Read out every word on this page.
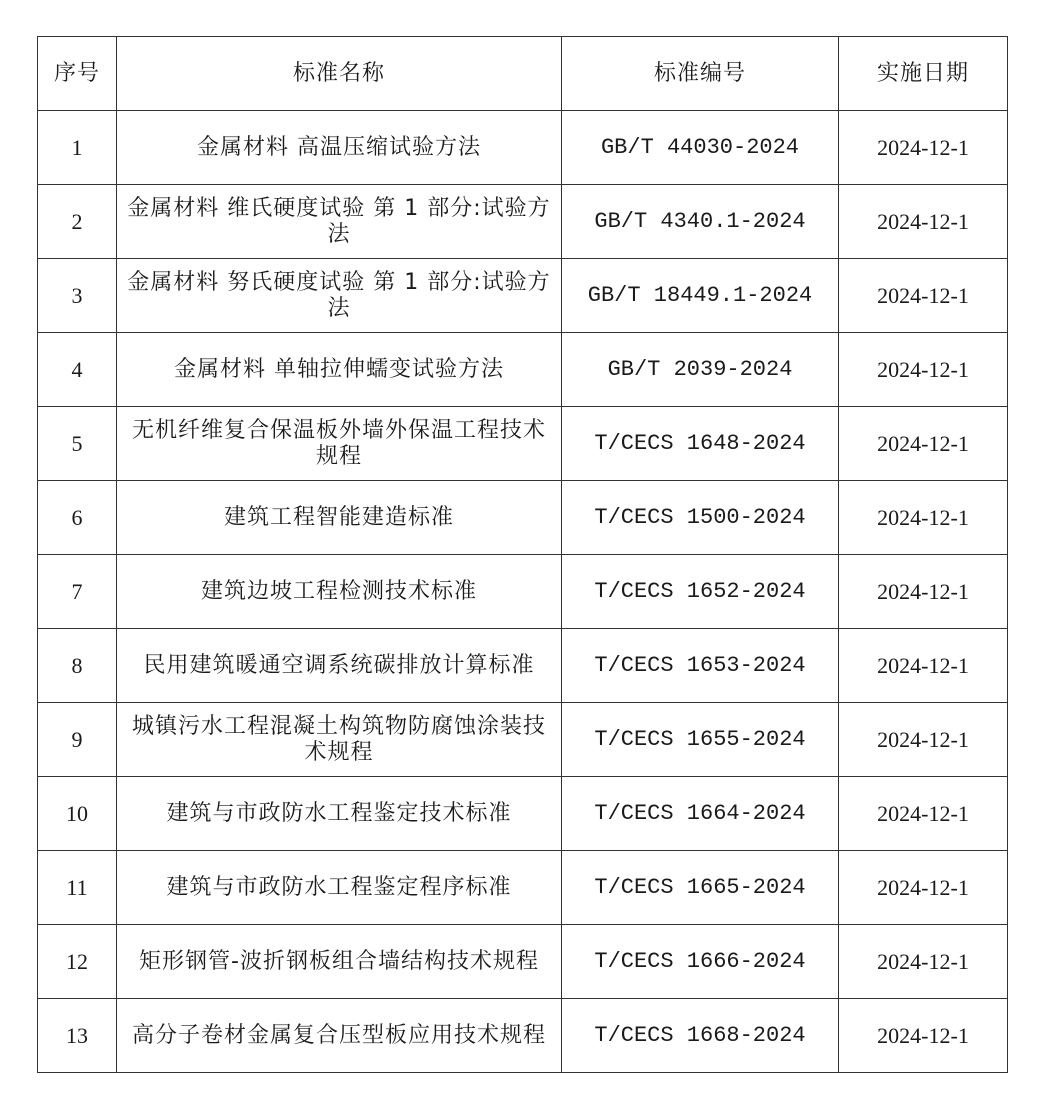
序号	标准名称	标准编号	实施日期
1	金属材料 高温压缩试验方法	GB/T 44030-2024	2024-12-1
2	金属材料 维氏硬度试验 第 1 部分:试验方法	GB/T 4340.1-2024	2024-12-1
3	金属材料 努氏硬度试验 第 1 部分:试验方法	GB/T 18449.1-2024	2024-12-1
4	金属材料 单轴拉伸蠕变试验方法	GB/T 2039-2024	2024-12-1
5	无机纤维复合保温板外墙外保温工程技术规程	T/CECS 1648-2024	2024-12-1
6	建筑工程智能建造标准	T/CECS 1500-2024	2024-12-1
7	建筑边坡工程检测技术标准	T/CECS 1652-2024	2024-12-1
8	民用建筑暖通空调系统碳排放计算标准	T/CECS 1653-2024	2024-12-1
9	城镇污水工程混凝土构筑物防腐蚀涂装技术规程	T/CECS 1655-2024	2024-12-1
10	建筑与市政防水工程鉴定技术标准	T/CECS 1664-2024	2024-12-1
11	建筑与市政防水工程鉴定程序标准	T/CECS 1665-2024	2024-12-1
12	矩形钢管-波折钢板组合墙结构技术规程	T/CECS 1666-2024	2024-12-1
13	高分子卷材金属复合压型板应用技术规程	T/CECS 1668-2024	2024-12-1
